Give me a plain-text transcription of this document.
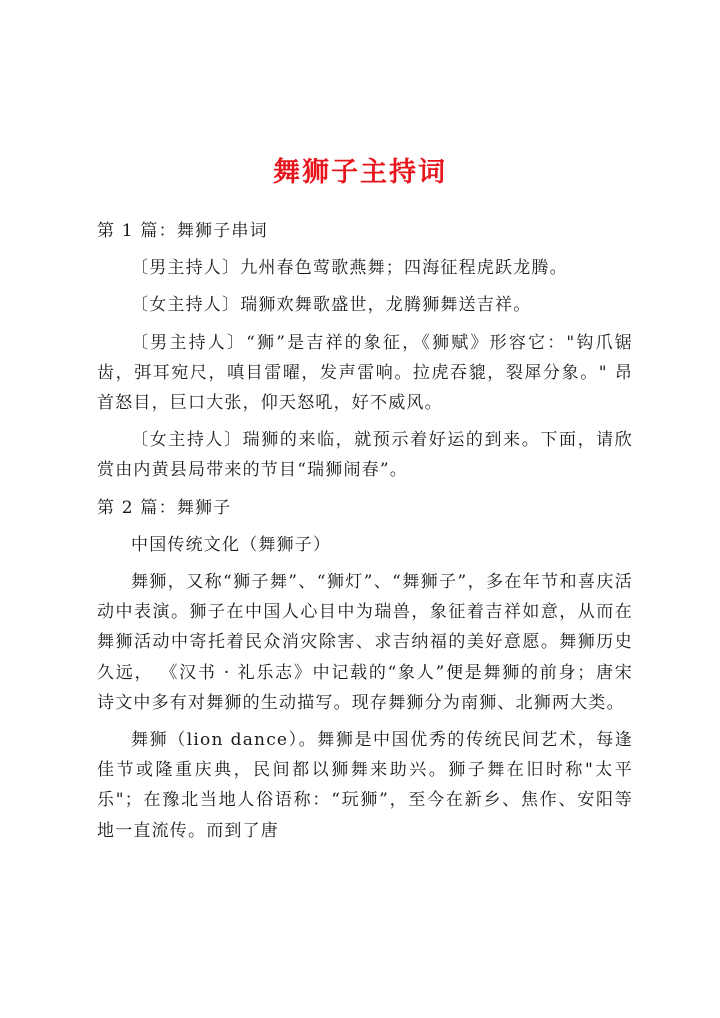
舞狮子主持词

第 1 篇：舞狮子串词

〔男主持人〕九州春色莺歌燕舞；四海征程虎跃龙腾。

〔女主持人〕瑞狮欢舞歌盛世，龙腾狮舞送吉祥。

〔男主持人〕“狮”是吉祥的象征，《狮赋》形容它："钩爪锯齿，弭耳宛尺，嗔目雷曜，发声雷响。拉虎吞貔，裂犀分象。" 昂首怒目，巨口大张，仰天怒吼，好不威风。

〔女主持人〕瑞狮的来临，就预示着好运的到来。下面，请欣赏由内黄县局带来的节目“瑞狮闹春”。

第 2 篇：舞狮子

中国传统文化（舞狮子）

舞狮，又称“狮子舞”、“狮灯”、“舞狮子”，多在年节和喜庆活动中表演。狮子在中国人心目中为瑞兽，象征着吉祥如意，从而在舞狮活动中寄托着民众消灾除害、求吉纳福的美好意愿。舞狮历史久远， 《汉书 · 礼乐志》中记载的“象人”便是舞狮的前身；唐宋诗文中多有对舞狮的生动描写。现存舞狮分为南狮、北狮两大类。

舞狮（lion dance）。舞狮是中国优秀的传统民间艺术，每逢佳节或隆重庆典，民间都以狮舞来助兴。狮子舞在旧时称"太平乐"；在豫北当地人俗语称：“玩狮”，至今在新乡、焦作、安阳等地一直流传。而到了唐
